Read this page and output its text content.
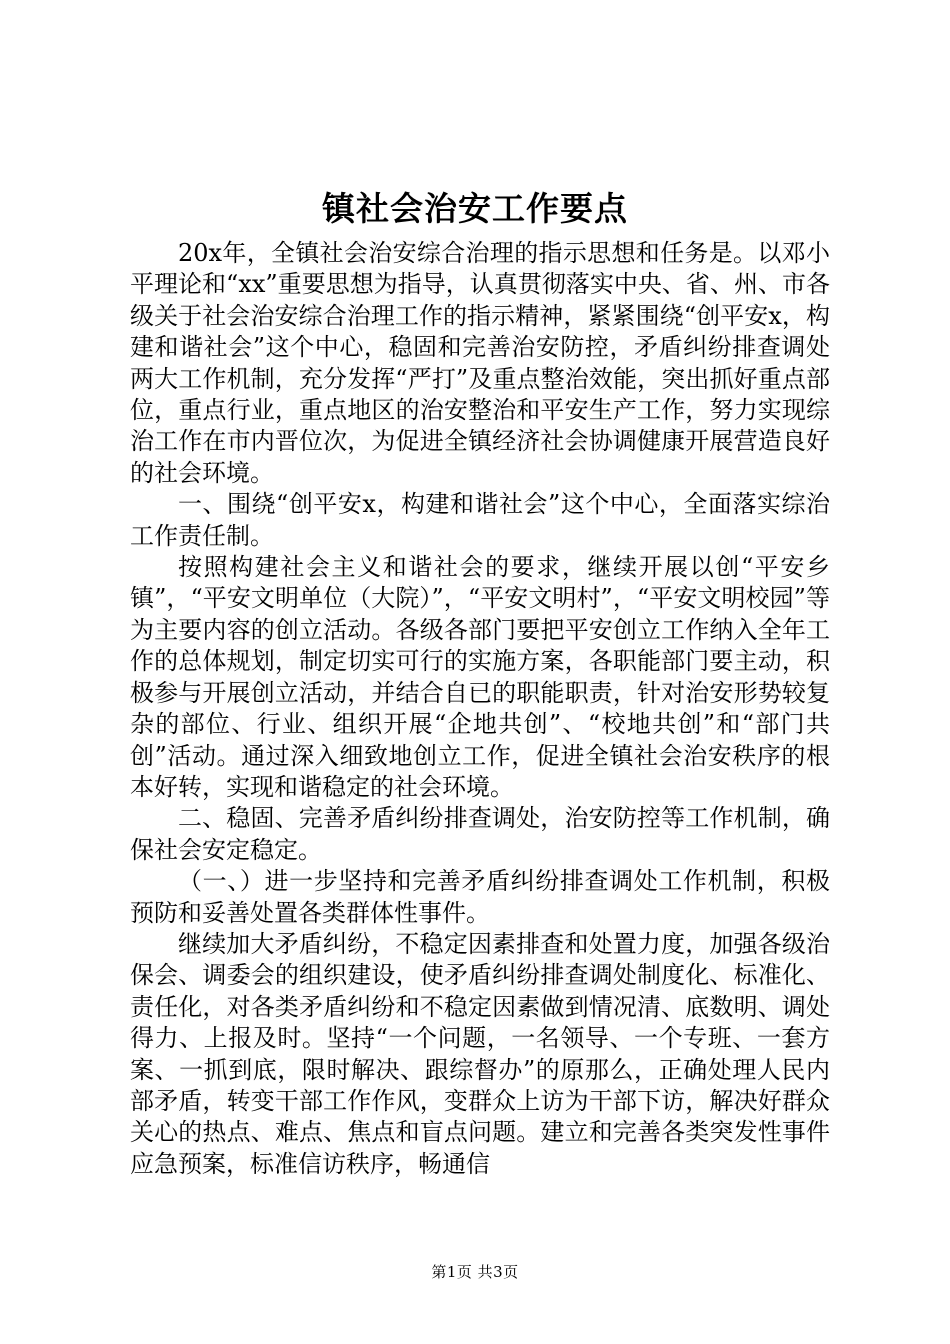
镇社会治安工作要点

20x年，全镇社会治安综合治理的指示思想和任务是。以邓小平理论和“xx”重要思想为指导，认真贯彻落实中央、省、州、市各级关于社会治安综合治理工作的指示精神，紧紧围绕“创平安x，构建和谐社会”这个中心，稳固和完善治安防控，矛盾纠纷排查调处两大工作机制，充分发挥“严打”及重点整治效能，突出抓好重点部位，重点行业，重点地区的治安整治和平安生产工作，努力实现综治工作在市内晋位次，为促进全镇经济社会协调健康开展营造良好的社会环境。

一、围绕“创平安x，构建和谐社会”这个中心，全面落实综治工作责任制。

按照构建社会主义和谐社会的要求，继续开展以创“平安乡镇”，“平安文明单位（大院）”，“平安文明村”，“平安文明校园”等为主要内容的创立活动。各级各部门要把平安创立工作纳入全年工作的总体规划，制定切实可行的实施方案，各职能部门要主动，积极参与开展创立活动，并结合自已的职能职责，针对治安形势较复杂的部位、行业、组织开展“企地共创”、“校地共创”和“部门共创”活动。通过深入细致地创立工作，促进全镇社会治安秩序的根本好转，实现和谐稳定的社会环境。

二、稳固、完善矛盾纠纷排查调处，治安防控等工作机制，确保社会安定稳定。

（一、）进一步坚持和完善矛盾纠纷排查调处工作机制，积极预防和妥善处置各类群体性事件。

继续加大矛盾纠纷，不稳定因素排查和处置力度，加强各级治保会、调委会的组织建设，使矛盾纠纷排查调处制度化、标准化、责任化，对各类矛盾纠纷和不稳定因素做到情况清、底数明、调处得力、上报及时。坚持“一个问题，一名领导、一个专班、一套方案、一抓到底，限时解决、跟综督办”的原那么，正确处理人民内部矛盾，转变干部工作作风，变群众上访为干部下访，解决好群众关心的热点、难点、焦点和盲点问题。建立和完善各类突发性事件应急预案，标准信访秩序，畅通信

第1页 共3页
